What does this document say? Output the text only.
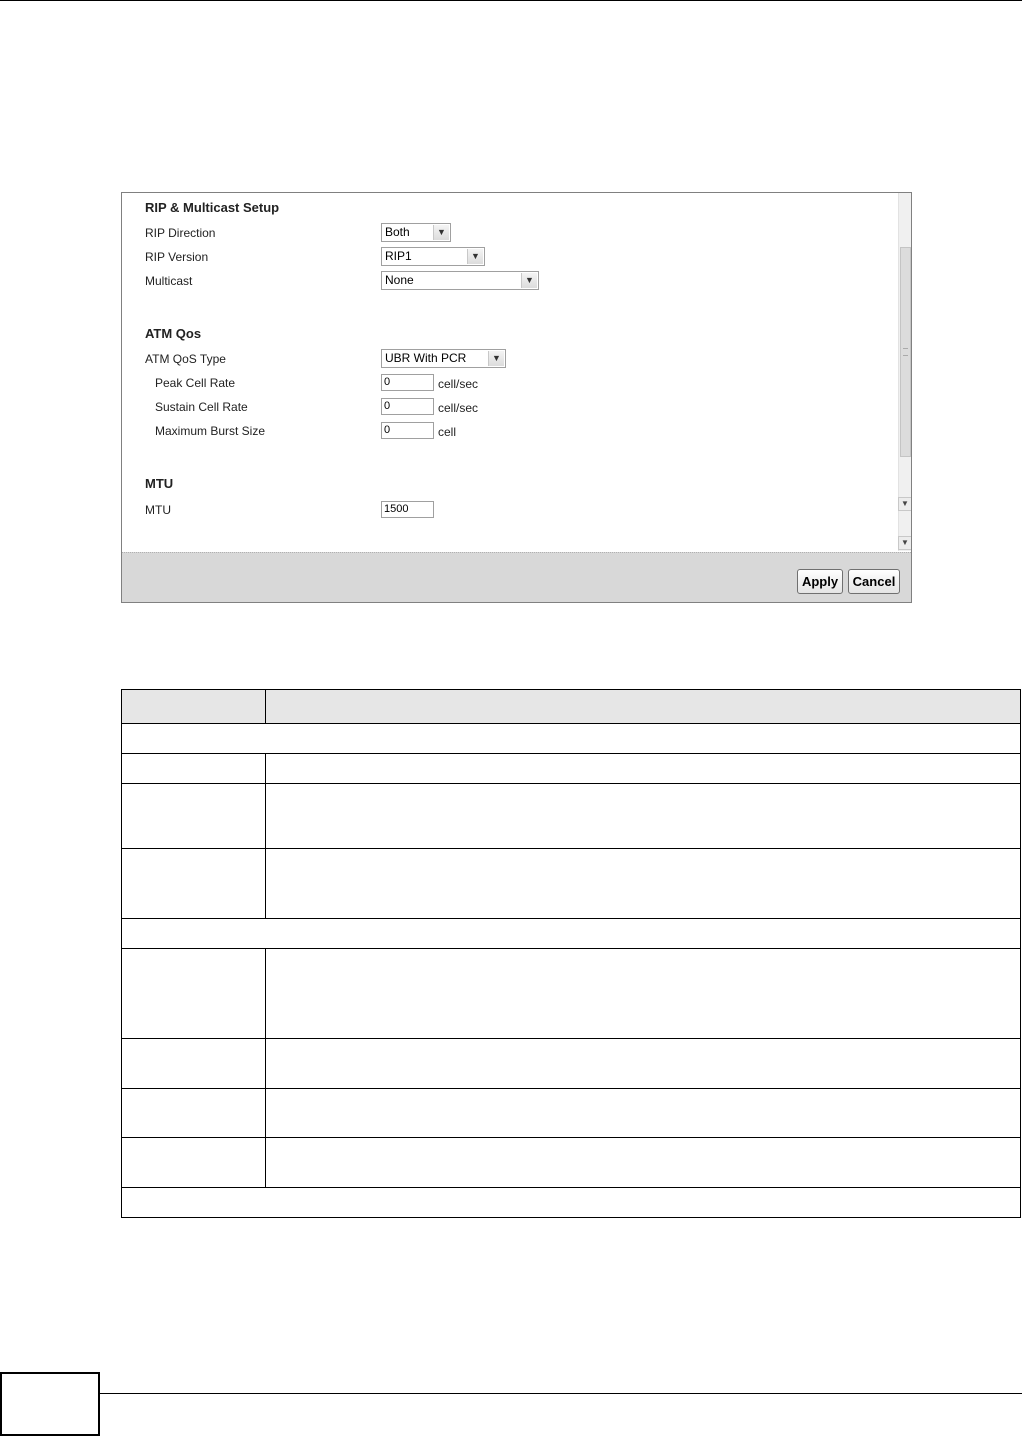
RIP & Multicast Setup
RIP Direction	Both	▼
RIP Version	RIP1	▼
Multicast	None	▼
ATM Qos
ATM QoS Type	UBR With PCR	▼
Peak Cell Rate	0	cell/sec
Sustain Cell Rate	0	cell/sec
Maximum Burst Size	0	cell
MTU
MTU	1500	▼
▼
Apply	Cancel
